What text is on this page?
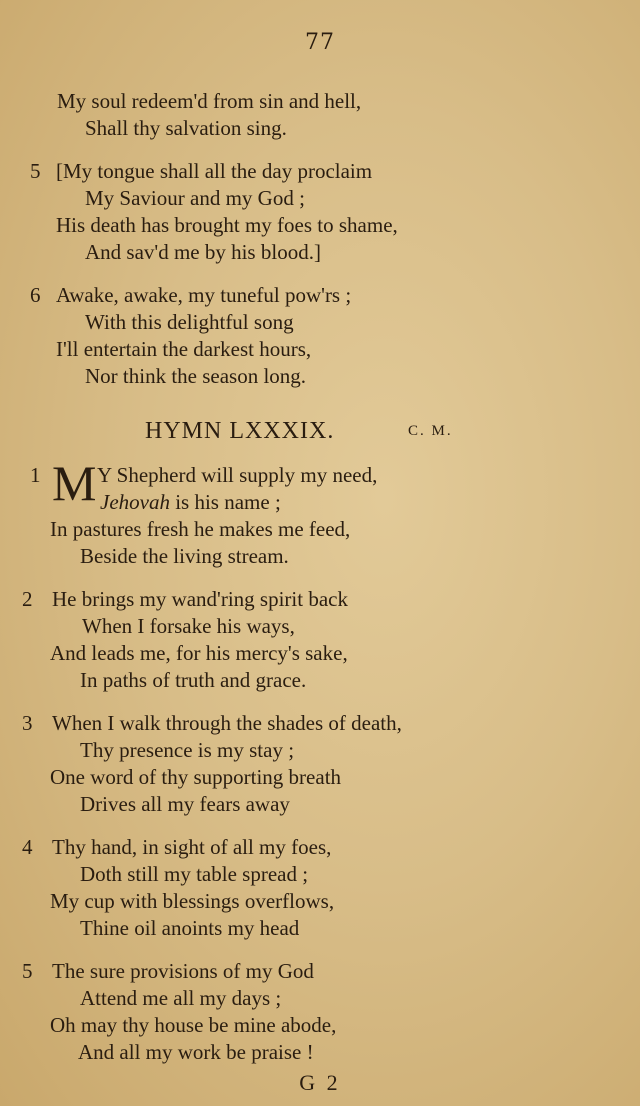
77
My soul redeem'd from sin and hell,
Shall thy salvation sing.
5 [My tongue shall all the day proclaim
My Saviour and my God ;
His death has brought my foes to shame,
And sav'd me by his blood.]
6 Awake, awake, my tuneful pow'rs ;
With this delightful song
I'll entertain the darkest hours,
Nor think the season long.
HYMN LXXXIX.	C. M.
1 M Y Shepherd will supply my need,
Jehovah is his name ;
In pastures fresh he makes me feed,
Beside the living stream.
2 He brings my wand'ring spirit back
When I forsake his ways,
And leads me, for his mercy's sake,
In paths of truth and grace.
3 When I walk through the shades of death,
Thy presence is my stay ;
One word of thy supporting breath
Drives all my fears away
4 Thy hand, in sight of all my foes,
Doth still my table spread ;
My cup with blessings overflows,
Thine oil anoints my head
5 The sure provisions of my God
Attend me all my days ;
Oh may thy house be mine abode,
And all my work be praise !
G 2
